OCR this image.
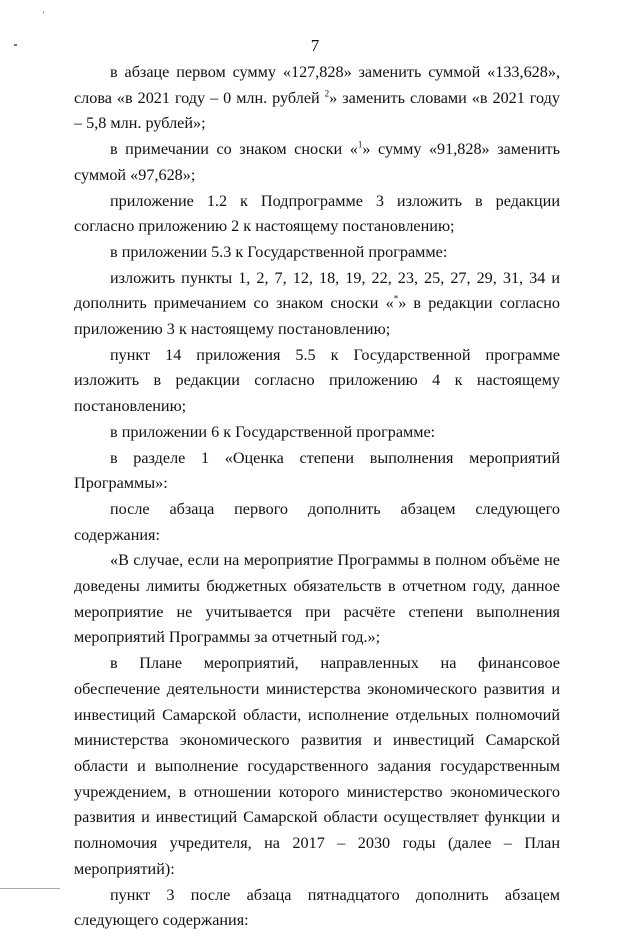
ʼ
7

в абзаце первом сумму «127,828» заменить суммой «133,628», слова «в 2021 году – 0 млн. рублей $^2$» заменить словами «в 2021 году – 5,8 млн. рублей»;

в примечании со знаком сноски «$^1$» сумму «91,828» заменить суммой «97,628»;

приложение 1.2 к Подпрограмме 3 изложить в редакции согласно приложению 2 к настоящему постановлению;

в приложении 5.3 к Государственной программе:

изложить пункты 1, 2, 7, 12, 18, 19, 22, 23, 25, 27, 29, 31, 34 и дополнить примечанием со знаком сноски «*» в редакции согласно приложению 3 к настоящему постановлению;

пункт 14 приложения 5.5 к Государственной программе изложить в редакции согласно приложению 4 к настоящему постановлению;

в приложении 6 к Государственной программе:

в разделе 1 «Оценка степени выполнения мероприятий Программы»:

после абзаца первого дополнить абзацем следующего содержания:

«В случае, если на мероприятие Программы в полном объёме не доведены лимиты бюджетных обязательств в отчетном году, данное мероприятие не учитывается при расчёте степени выполнения мероприятий Программы за отчетный год.»;

в Плане мероприятий, направленных на финансовое обеспечение деятельности министерства экономического развития и инвестиций Самарской области, исполнение отдельных полномочий министерства экономического развития и инвестиций Самарской области и выполнение государственного задания государственным учреждением, в отношении которого министерство экономического развития и инвестиций Самарской области осуществляет функции и полномочия учредителя, на 2017 – 2030 годы (далее – План мероприятий):

пункт 3 после абзаца пятнадцатого дополнить абзацем следующего содержания:
